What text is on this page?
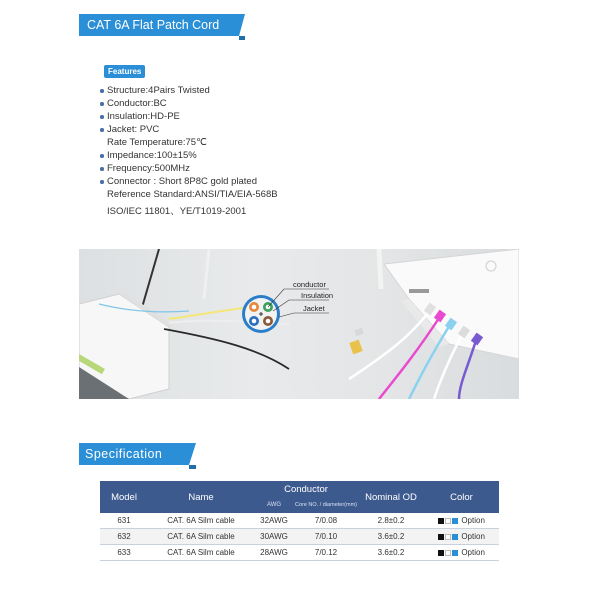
CAT 6A Flat Patch Cord
Features
Structure:4Pairs Twisted
Conductor:BC
Insulation:HD-PE
Jacket: PVC
Rate Temperature:75℃
Impedance:100±15%
Frequency:500MHz
Connector : Short 8P8C gold plated
Reference Standard:ANSI/TIA/EIA-568B
ISO/IEC 11801、YE/T1019-2001
conductor
Insulation
Jacket
Specification
Model	Name	Conductor		Nominal OD	Color
		AWG	Core NO. / diameter(mm)		
631	CAT. 6A Silm cable	32AWG	7/0.08	2.8±0.2	Option
632	CAT. 6A Silm cable	30AWG	7/0.10	3.6±0.2	Option
633	CAT. 6A Silm cable	28AWG	7/0.12	3.6±0.2	Option
